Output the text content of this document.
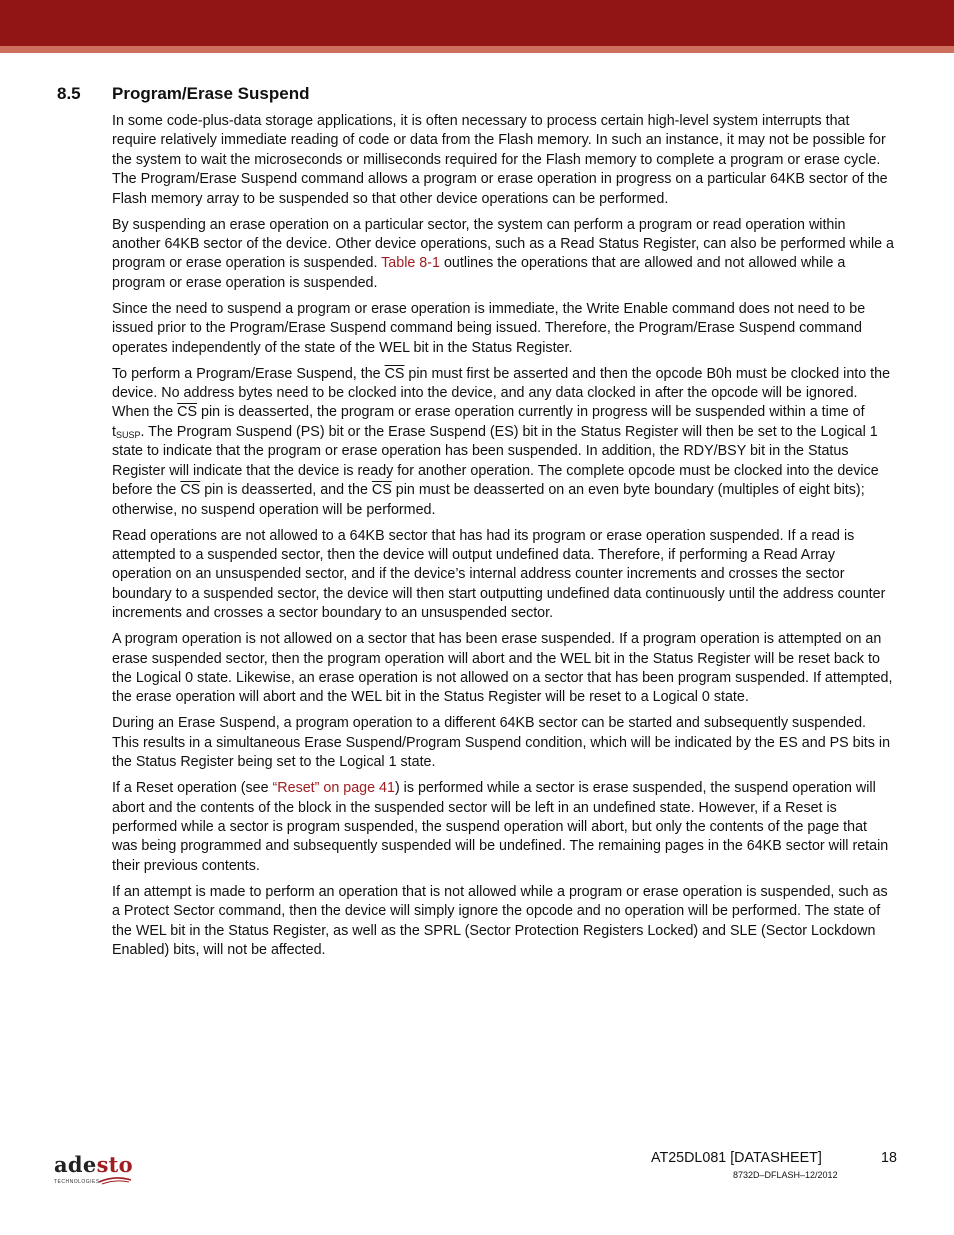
8.5 Program/Erase Suspend

In some code-plus-data storage applications, it is often necessary to process certain high-level system interrupts that require relatively immediate reading of code or data from the Flash memory. In such an instance, it may not be possible for the system to wait the microseconds or milliseconds required for the Flash memory to complete a program or erase cycle. The Program/Erase Suspend command allows a program or erase operation in progress on a particular 64KB sector of the Flash memory array to be suspended so that other device operations can be performed.

By suspending an erase operation on a particular sector, the system can perform a program or read operation within another 64KB sector of the device. Other device operations, such as a Read Status Register, can also be performed while a program or erase operation is suspended. Table 8-1 outlines the operations that are allowed and not allowed while a program or erase operation is suspended.

Since the need to suspend a program or erase operation is immediate, the Write Enable command does not need to be issued prior to the Program/Erase Suspend command being issued. Therefore, the Program/Erase Suspend command operates independently of the state of the WEL bit in the Status Register.

To perform a Program/Erase Suspend, the $\overline{CS}$ pin must first be asserted and then the opcode B0h must be clocked into the device. No address bytes need to be clocked into the device, and any data clocked in after the opcode will be ignored. When the $\overline{CS}$ pin is deasserted, the program or erase operation currently in progress will be suspended within a time of $t_{SUSP}$. The Program Suspend (PS) bit or the Erase Suspend (ES) bit in the Status Register will then be set to the Logical 1 state to indicate that the program or erase operation has been suspended. In addition, the RDY/BSY bit in the Status Register will indicate that the device is ready for another operation. The complete opcode must be clocked into the device before the $\overline{CS}$ pin is deasserted, and the $\overline{CS}$ pin must be deasserted on an even byte boundary (multiples of eight bits); otherwise, no suspend operation will be performed.

Read operations are not allowed to a 64KB sector that has had its program or erase operation suspended. If a read is attempted to a suspended sector, then the device will output undefined data. Therefore, if performing a Read Array operation on an unsuspended sector, and if the device’s internal address counter increments and crosses the sector boundary to a suspended sector, the device will then start outputting undefined data continuously until the address counter increments and crosses a sector boundary to an unsuspended sector.

A program operation is not allowed on a sector that has been erase suspended. If a program operation is attempted on an erase suspended sector, then the program operation will abort and the WEL bit in the Status Register will be reset back to the Logical 0 state. Likewise, an erase operation is not allowed on a sector that has been program suspended. If attempted, the erase operation will abort and the WEL bit in the Status Register will be reset to a Logical 0 state.

During an Erase Suspend, a program operation to a different 64KB sector can be started and subsequently suspended. This results in a simultaneous Erase Suspend/Program Suspend condition, which will be indicated by the ES and PS bits in the Status Register being set to the Logical 1 state.

If a Reset operation (see “Reset” on page 41) is performed while a sector is erase suspended, the suspend operation will abort and the contents of the block in the suspended sector will be left in an undefined state. However, if a Reset is performed while a sector is program suspended, the suspend operation will abort, but only the contents of the page that was being programmed and subsequently suspended will be undefined. The remaining pages in the 64KB sector will retain their previous contents.

If an attempt is made to perform an operation that is not allowed while a program or erase operation is suspended, such as a Protect Sector command, then the device will simply ignore the opcode and no operation will be performed. The state of the WEL bit in the Status Register, as well as the SPRL (Sector Protection Registers Locked) and SLE (Sector Lockdown Enabled) bits, will not be affected.

adesto
TECHNOLOGIES
AT25DL081 [DATASHEET]	18
8732D–DFLASH–12/2012
